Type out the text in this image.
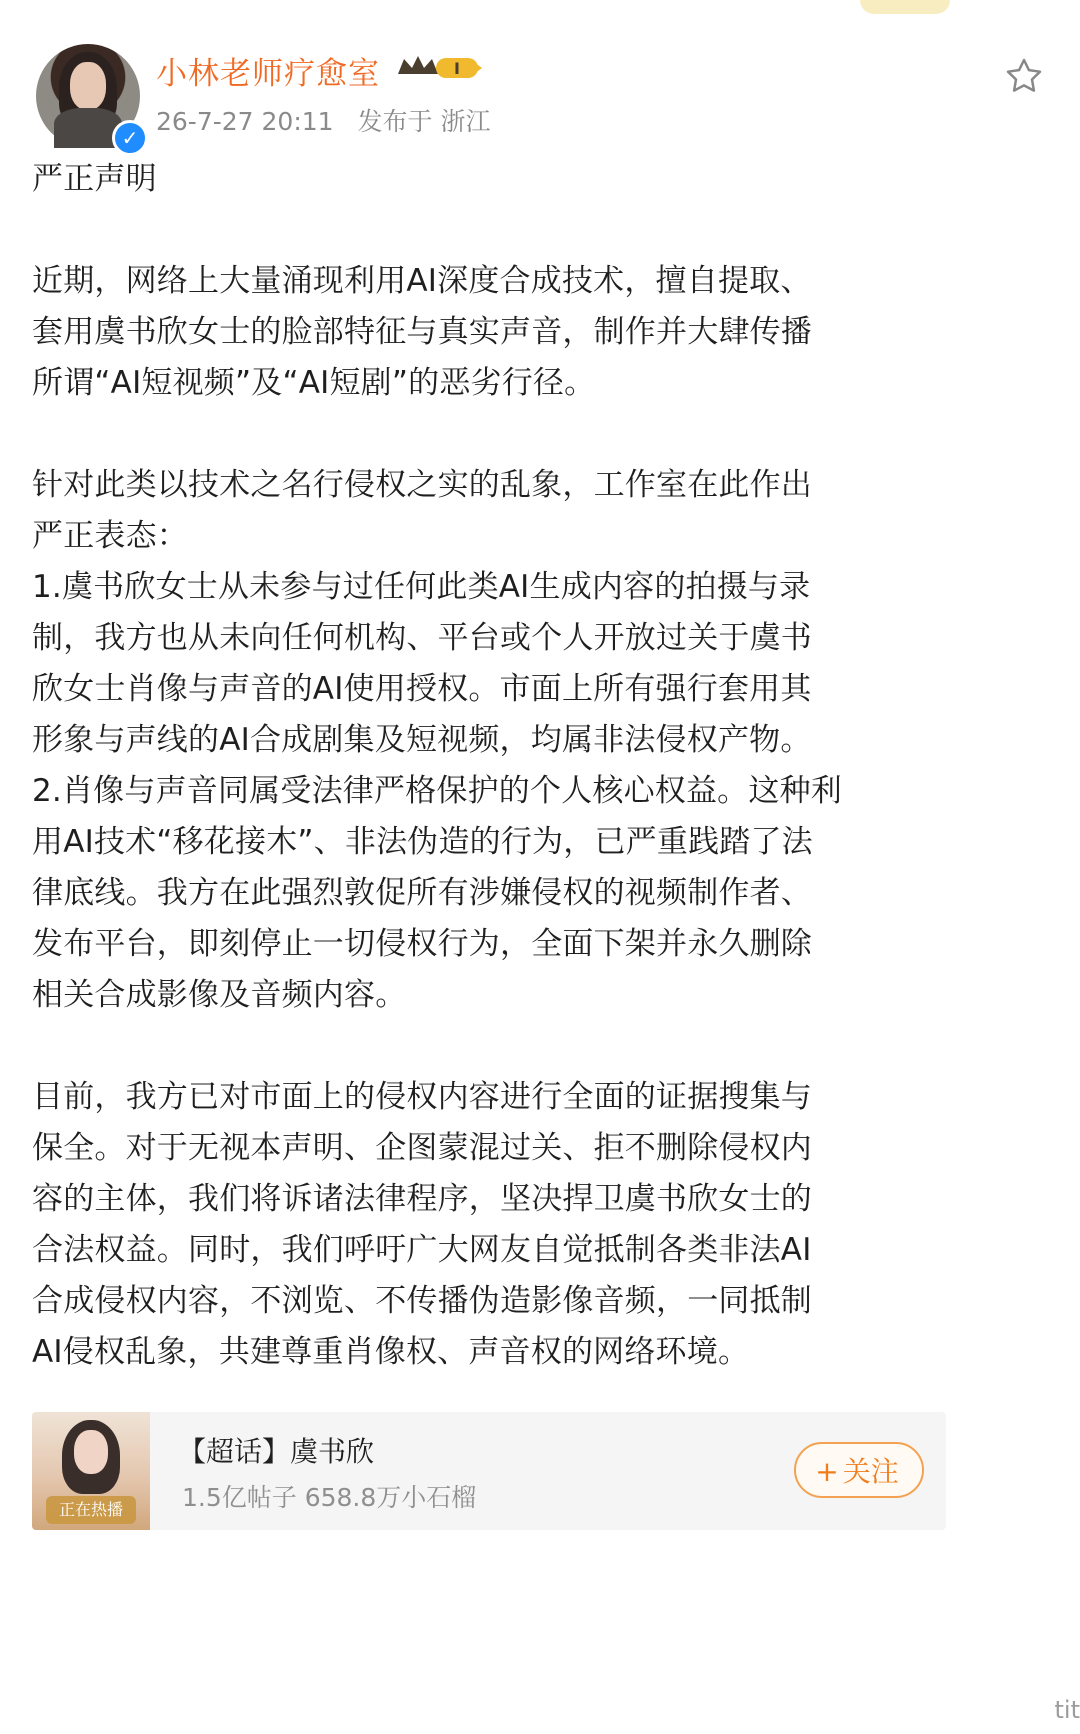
✓
小林老师疗愈室	I
26-7-27 20:11 发布于 浙江

严正声明

近期，网络上大量涌现利用AI深度合成技术，擅自提取、

套用虞书欣女士的脸部特征与真实声音，制作并大肆传播

所谓“AI短视频”及“AI短剧”的恶劣行径。

针对此类以技术之名行侵权之实的乱象，工作室在此作出

严正表态：

1.虞书欣女士从未参与过任何此类AI生成内容的拍摄与录

制，我方也从未向任何机构、平台或个人开放过关于虞书

欣女士肖像与声音的AI使用授权。市面上所有强行套用其

形象与声线的AI合成剧集及短视频，均属非法侵权产物。

2.肖像与声音同属受法律严格保护的个人核心权益。这种利

用AI技术“移花接木”、非法伪造的行为，已严重践踏了法

律底线。我方在此强烈敦促所有涉嫌侵权的视频制作者、

发布平台，即刻停止一切侵权行为，全面下架并永久删除

相关合成影像及音频内容。

目前，我方已对市面上的侵权内容进行全面的证据搜集与

保全。对于无视本声明、企图蒙混过关、拒不删除侵权内

容的主体，我们将诉诸法律程序，坚决捍卫虞书欣女士的

合法权益。同时，我们呼吁广大网友自觉抵制各类非法AI

合成侵权内容，不浏览、不传播伪造影像音频，一同抵制

AI侵权乱象，共建尊重肖像权、声音权的网络环境。

正在热播
【超话】虞书欣
1.5亿帖子 658.8万小石榴
+ 关注
tit
